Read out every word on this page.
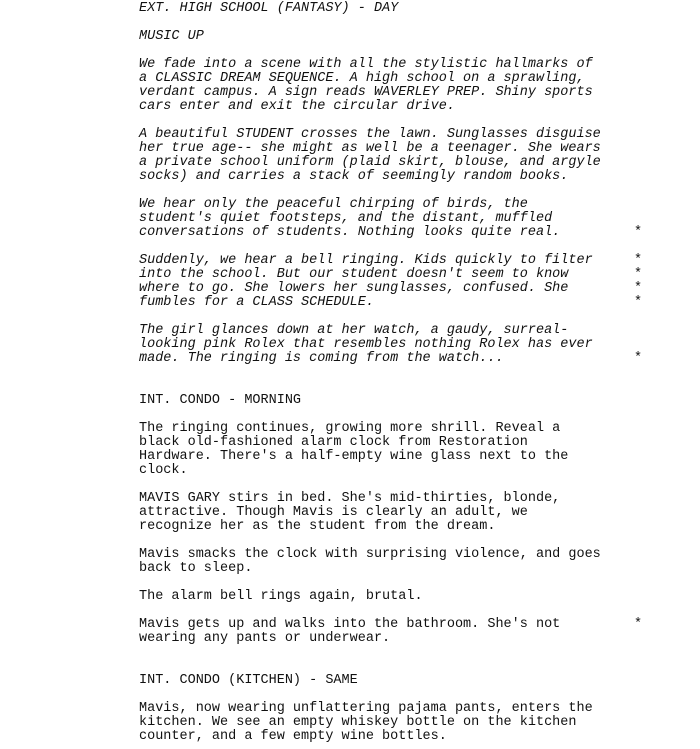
EXT. HIGH SCHOOL (FANTASY) - DAY
MUSIC UP
We fade into a scene with all the stylistic hallmarks of
a CLASSIC DREAM SEQUENCE. A high school on a sprawling,
verdant campus. A sign reads WAVERLEY PREP. Shiny sports
cars enter and exit the circular drive.
A beautiful STUDENT crosses the lawn. Sunglasses disguise
her true age-- she might as well be a teenager. She wears
a private school uniform (plaid skirt, blouse, and argyle
socks) and carries a stack of seemingly random books.
We hear only the peaceful chirping of birds, the
student's quiet footsteps, and the distant, muffled
conversations of students. Nothing looks quite real.
Suddenly, we hear a bell ringing. Kids quickly to filter
into the school. But our student doesn't seem to know
where to go. She lowers her sunglasses, confused. She
fumbles for a CLASS SCHEDULE.
The girl glances down at her watch, a gaudy, surreal-
looking pink Rolex that resembles nothing Rolex has ever
made. The ringing is coming from the watch...
INT. CONDO - MORNING
The ringing continues, growing more shrill. Reveal a
black old-fashioned alarm clock from Restoration
Hardware. There's a half-empty wine glass next to the
clock.
MAVIS GARY stirs in bed. She's mid-thirties, blonde,
attractive. Though Mavis is clearly an adult, we
recognize her as the student from the dream.
Mavis smacks the clock with surprising violence, and goes
back to sleep.
The alarm bell rings again, brutal.
Mavis gets up and walks into the bathroom. She's not
wearing any pants or underwear.
INT. CONDO (KITCHEN) - SAME
Mavis, now wearing unflattering pajama pants, enters the
kitchen. We see an empty whiskey bottle on the kitchen
counter, and a few empty wine bottles.
*
*
*
*
*
*
*
